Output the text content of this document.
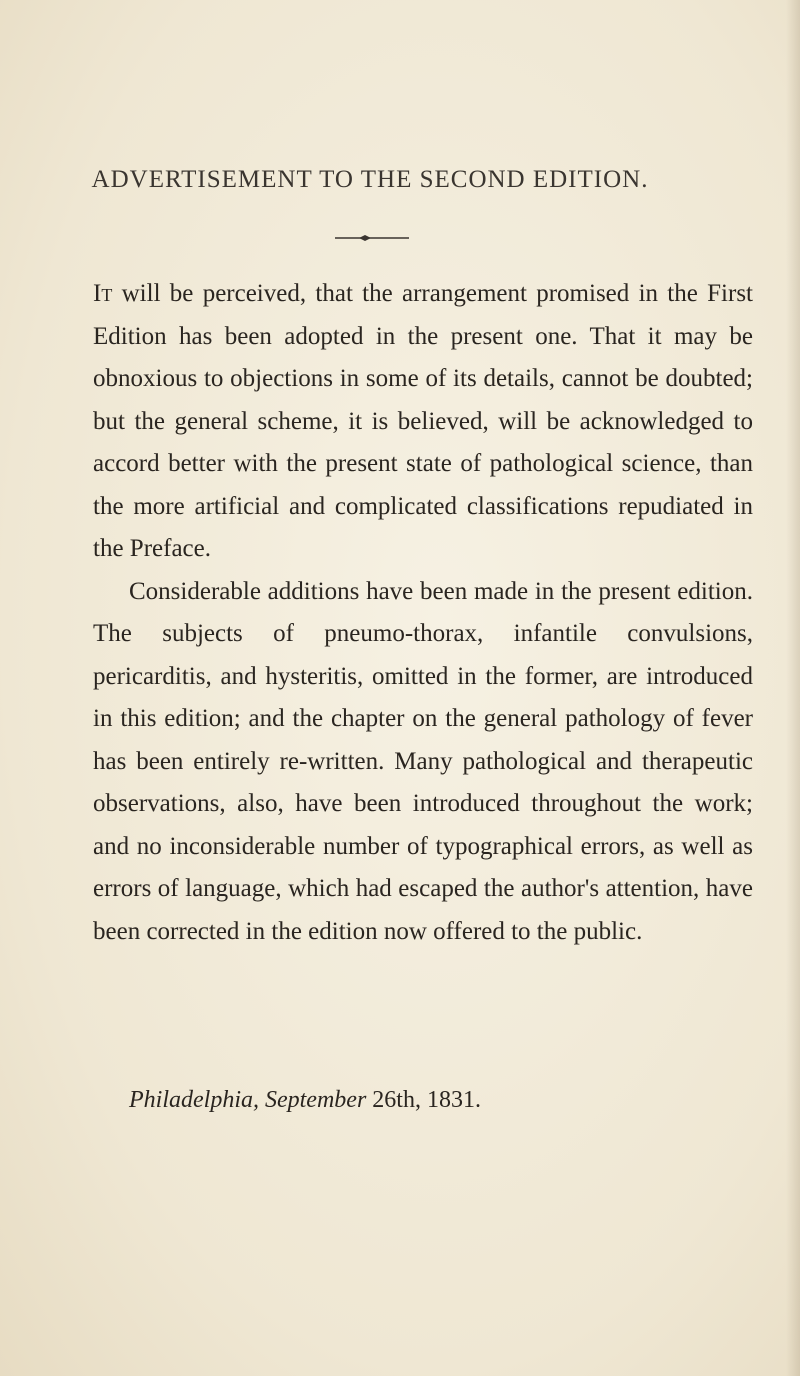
ADVERTISEMENT TO THE SECOND EDITION.

It will be perceived, that the arrangement promised in the First Edition has been adopted in the present one. That it may be obnoxious to objections in some of its details, cannot be doubted; but the general scheme, it is believed, will be acknowledged to accord better with the present state of pathological science, than the more artificial and complicated classifications repudiated in the Preface.

Considerable additions have been made in the present edition. The subjects of pneumo-thorax, infantile convulsions, pericarditis, and hysteritis, omitted in the former, are introduced in this edition; and the chapter on the general pathology of fever has been entirely re-written. Many pathological and therapeutic observations, also, have been introduced throughout the work; and no inconsiderable number of typographical errors, as well as errors of language, which had escaped the author's attention, have been corrected in the edition now offered to the public.

Philadelphia, September 26th, 1831.
